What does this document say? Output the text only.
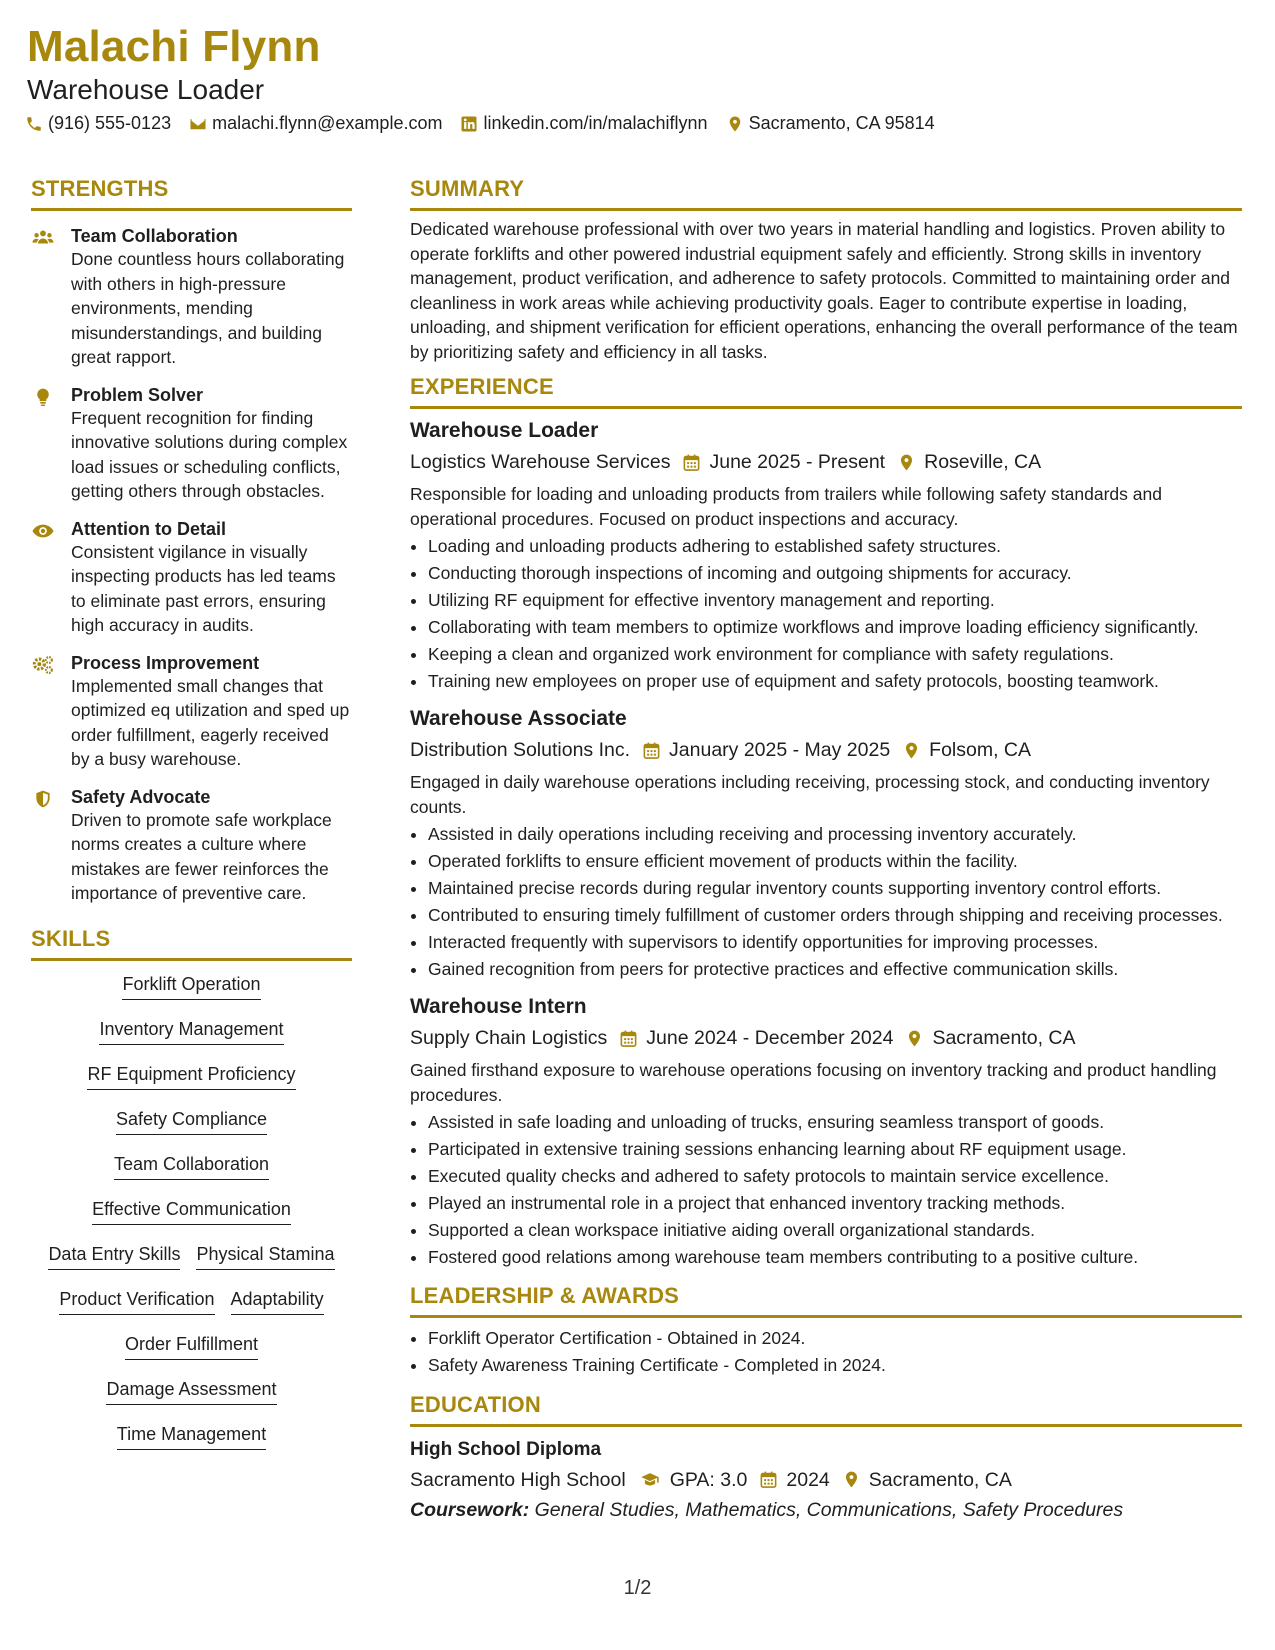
Malachi Flynn
Warehouse Loader
(916) 555-0123 malachi.flynn@example.com linkedin.com/in/malachiflynn Sacramento, CA 95814
STRENGTHS
Team Collaboration
Done countless hours collaborating with others in high-pressure environments, mending misunderstandings, and building great rapport.
Problem Solver
Frequent recognition for finding innovative solutions during complex load issues or scheduling conflicts, getting others through obstacles.
Attention to Detail
Consistent vigilance in visually inspecting products has led teams to eliminate past errors, ensuring high accuracy in audits.
Process Improvement
Implemented small changes that optimized eq utilization and sped up order fulfillment, eagerly received by a busy warehouse.
Safety Advocate
Driven to promote safe workplace norms creates a culture where mistakes are fewer reinforces the importance of preventive care.
SKILLS
Forklift Operation
Inventory Management
RF Equipment Proficiency
Safety Compliance
Team Collaboration
Effective Communication
Data Entry Skills Physical Stamina
Product Verification Adaptability
Order Fulfillment
Damage Assessment
Time Management
SUMMARY
Dedicated warehouse professional with over two years in material handling and logistics. Proven ability to operate forklifts and other powered industrial equipment safely and efficiently. Strong skills in inventory management, product verification, and adherence to safety protocols. Committed to maintaining order and cleanliness in work areas while achieving productivity goals. Eager to contribute expertise in loading, unloading, and shipment verification for efficient operations, enhancing the overall performance of the team by prioritizing safety and efficiency in all tasks.
EXPERIENCE
Warehouse Loader
Logistics Warehouse Services June 2025 - Present Roseville, CA
Responsible for loading and unloading products from trailers while following safety standards and operational procedures. Focused on product inspections and accuracy.
• Loading and unloading products adhering to established safety structures.
• Conducting thorough inspections of incoming and outgoing shipments for accuracy.
• Utilizing RF equipment for effective inventory management and reporting.
• Collaborating with team members to optimize workflows and improve loading efficiency significantly.
• Keeping a clean and organized work environment for compliance with safety regulations.
• Training new employees on proper use of equipment and safety protocols, boosting teamwork.
Warehouse Associate
Distribution Solutions Inc. January 2025 - May 2025 Folsom, CA
Engaged in daily warehouse operations including receiving, processing stock, and conducting inventory counts.
• Assisted in daily operations including receiving and processing inventory accurately.
• Operated forklifts to ensure efficient movement of products within the facility.
• Maintained precise records during regular inventory counts supporting inventory control efforts.
• Contributed to ensuring timely fulfillment of customer orders through shipping and receiving processes.
• Interacted frequently with supervisors to identify opportunities for improving processes.
• Gained recognition from peers for protective practices and effective communication skills.
Warehouse Intern
Supply Chain Logistics June 2024 - December 2024 Sacramento, CA
Gained firsthand exposure to warehouse operations focusing on inventory tracking and product handling procedures.
• Assisted in safe loading and unloading of trucks, ensuring seamless transport of goods.
• Participated in extensive training sessions enhancing learning about RF equipment usage.
• Executed quality checks and adhered to safety protocols to maintain service excellence.
• Played an instrumental role in a project that enhanced inventory tracking methods.
• Supported a clean workspace initiative aiding overall organizational standards.
• Fostered good relations among warehouse team members contributing to a positive culture.
LEADERSHIP & AWARDS
• Forklift Operator Certification - Obtained in 2024.
• Safety Awareness Training Certificate - Completed in 2024.
EDUCATION
High School Diploma
Sacramento High School GPA: 3.0 2024 Sacramento, CA
Coursework: General Studies, Mathematics, Communications, Safety Procedures
1/2
